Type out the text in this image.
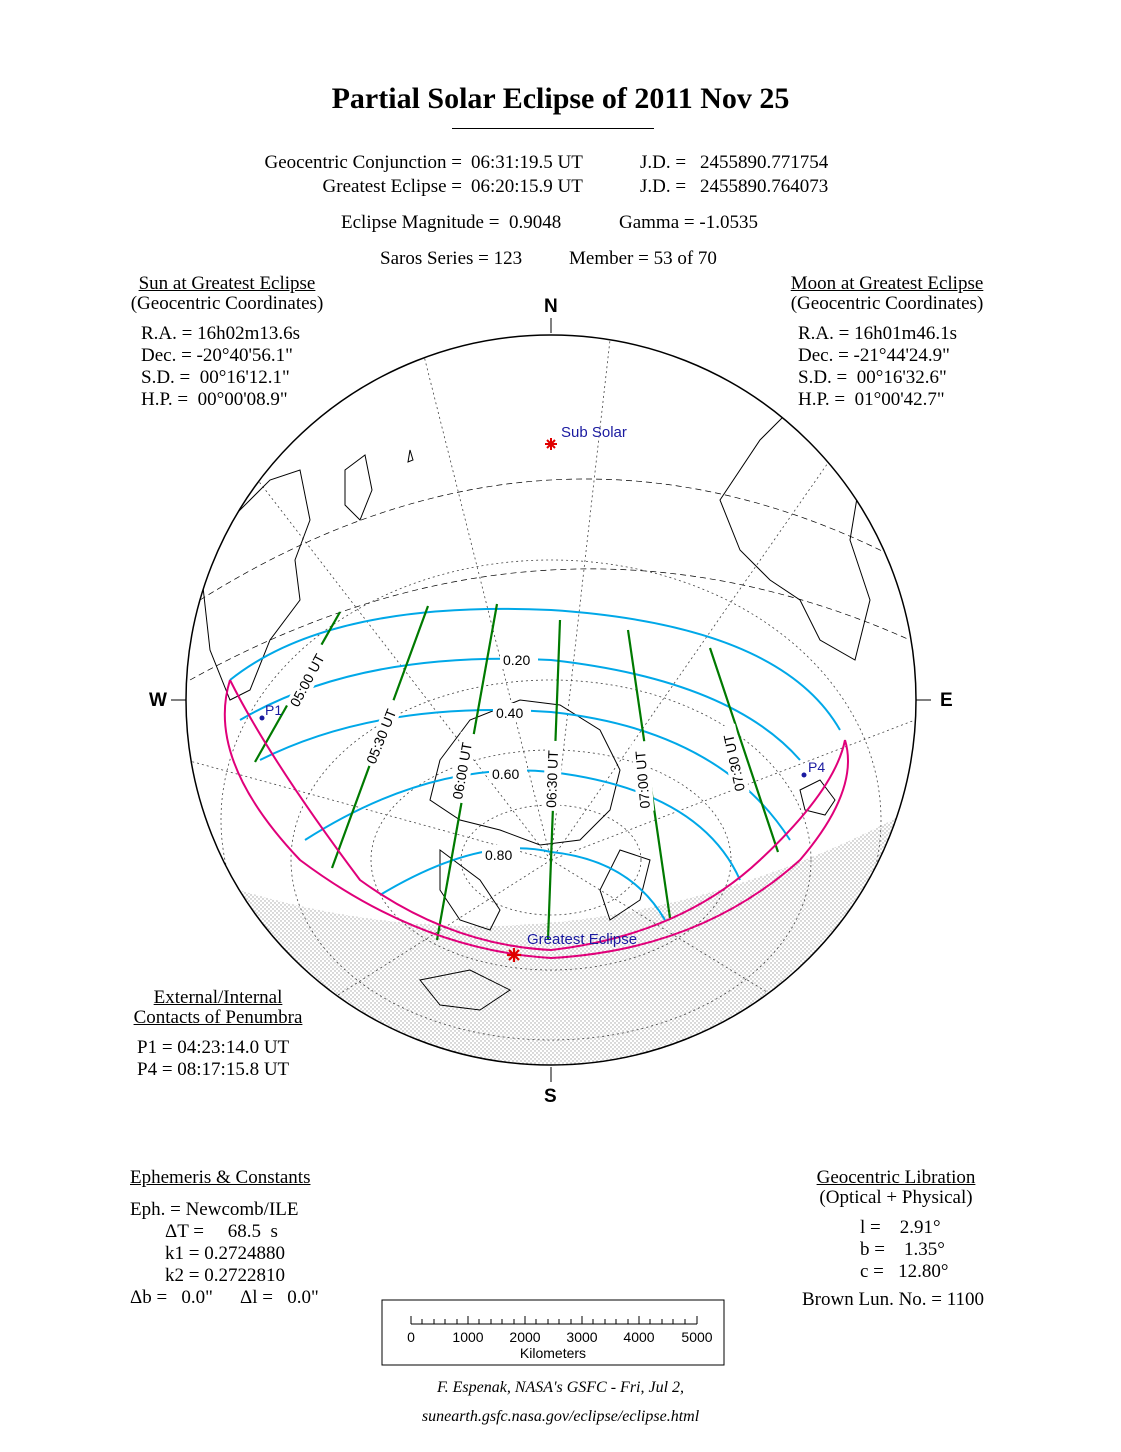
Partial Solar Eclipse of 2011 Nov 25
Geocentric Conjunction = 06:31:19.5 UT	J.D. = 2455890.771754
Greatest Eclipse = 06:20:15.9 UT	J.D. = 2455890.764073
Eclipse Magnitude =  0.9048	Gamma = -1.0535
Saros Series = 123 Member = 53 of 70
Sun at Greatest Eclipse
(Geocentric Coordinates)
R.A. = 16h02m13.6s
Dec. = -20°40'56.1"
S.D. =  00°16'12.1"
H.P. =  00°00'08.9"
Moon at Greatest Eclipse
(Geocentric Coordinates)
R.A. = 16h01m46.1s
Dec. = -21°44'24.9"
S.D. =  00°16'32.6"
H.P. =  01°00'42.7"
N
S
W	E
0.20
0.40
0.60
0.80
05:00 UT
05:30 UT
06:00 UT	06:30 UT	07:00 UT	07:30 UT
Sub Solar
Greatest Eclipse
P1
P4
0	1000 2000 3000 4000 5000
Kilometers
External/Internal
Contacts of Penumbra
P1 = 04:23:14.0 UT
P4 = 08:17:15.8 UT
Ephemeris & Constants
Eph. = Newcomb/ILE
ΔT =     68.5  s
k1 = 0.2724880
k2 = 0.2722810
Δb =   0.0" Δl =   0.0"
Geocentric Libration
(Optical + Physical)
l =    2.91°
b =    1.35°
c =   12.80°
Brown Lun. No. = 1100
F. Espenak, NASA's GSFC - Fri, Jul 2,
sunearth.gsfc.nasa.gov/eclipse/eclipse.html
